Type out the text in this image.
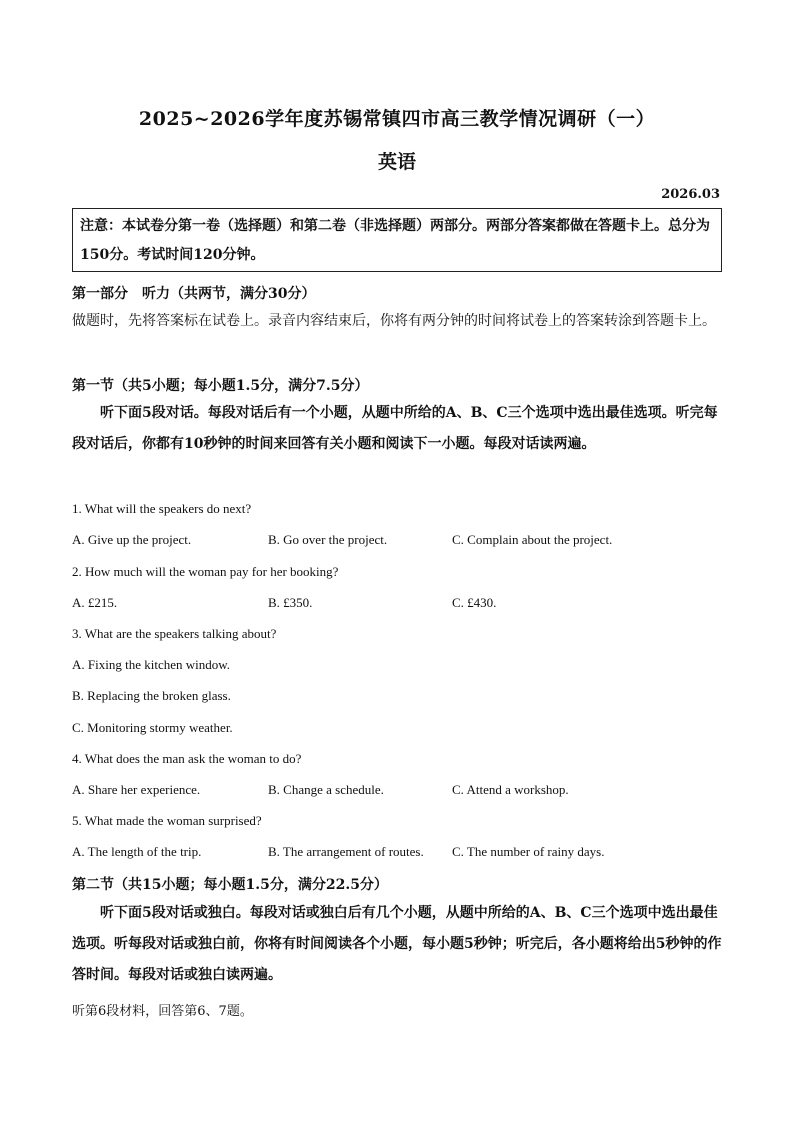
2025~2026学年度苏锡常镇四市高三教学情况调研（一）
英语
2026.03
注意：本试卷分第一卷（选择题）和第二卷（非选择题）两部分。两部分答案都做在答题卡上。总分为150分。考试时间120分钟。
第一部分　听力（共两节，满分30分）
做题时，先将答案标在试卷上。录音内容结束后，你将有两分钟的时间将试卷上的答案转涂到答题卡上。
第一节（共5小题；每小题1.5分，满分7.5分）
听下面5段对话。每段对话后有一个小题，从题中所给的A、B、C三个选项中选出最佳选项。听完每段对话后，你都有10秒钟的时间来回答有关小题和阅读下一小题。每段对话读两遍。
1. What will the speakers do next?
A. Give up the project.	B. Go over the project.	C. Complain about the project.
2. How much will the woman pay for her booking?
A. £215.	B. £350.	C. £430.
3. What are the speakers talking about?
A. Fixing the kitchen window.
B. Replacing the broken glass.
C. Monitoring stormy weather.
4. What does the man ask the woman to do?
A. Share her experience.	B. Change a schedule.	C. Attend a workshop.
5. What made the woman surprised?
A. The length of the trip.	B. The arrangement of routes. C. The number of rainy days.
第二节（共15小题；每小题1.5分，满分22.5分）
听下面5段对话或独白。每段对话或独白后有几个小题，从题中所给的A、B、C三个选项中选出最佳选项。听每段对话或独白前，你将有时间阅读各个小题，每小题5秒钟；听完后，各小题将给出5秒钟的作答时间。每段对话或独白读两遍。
听第6段材料，回答第6、7题。
